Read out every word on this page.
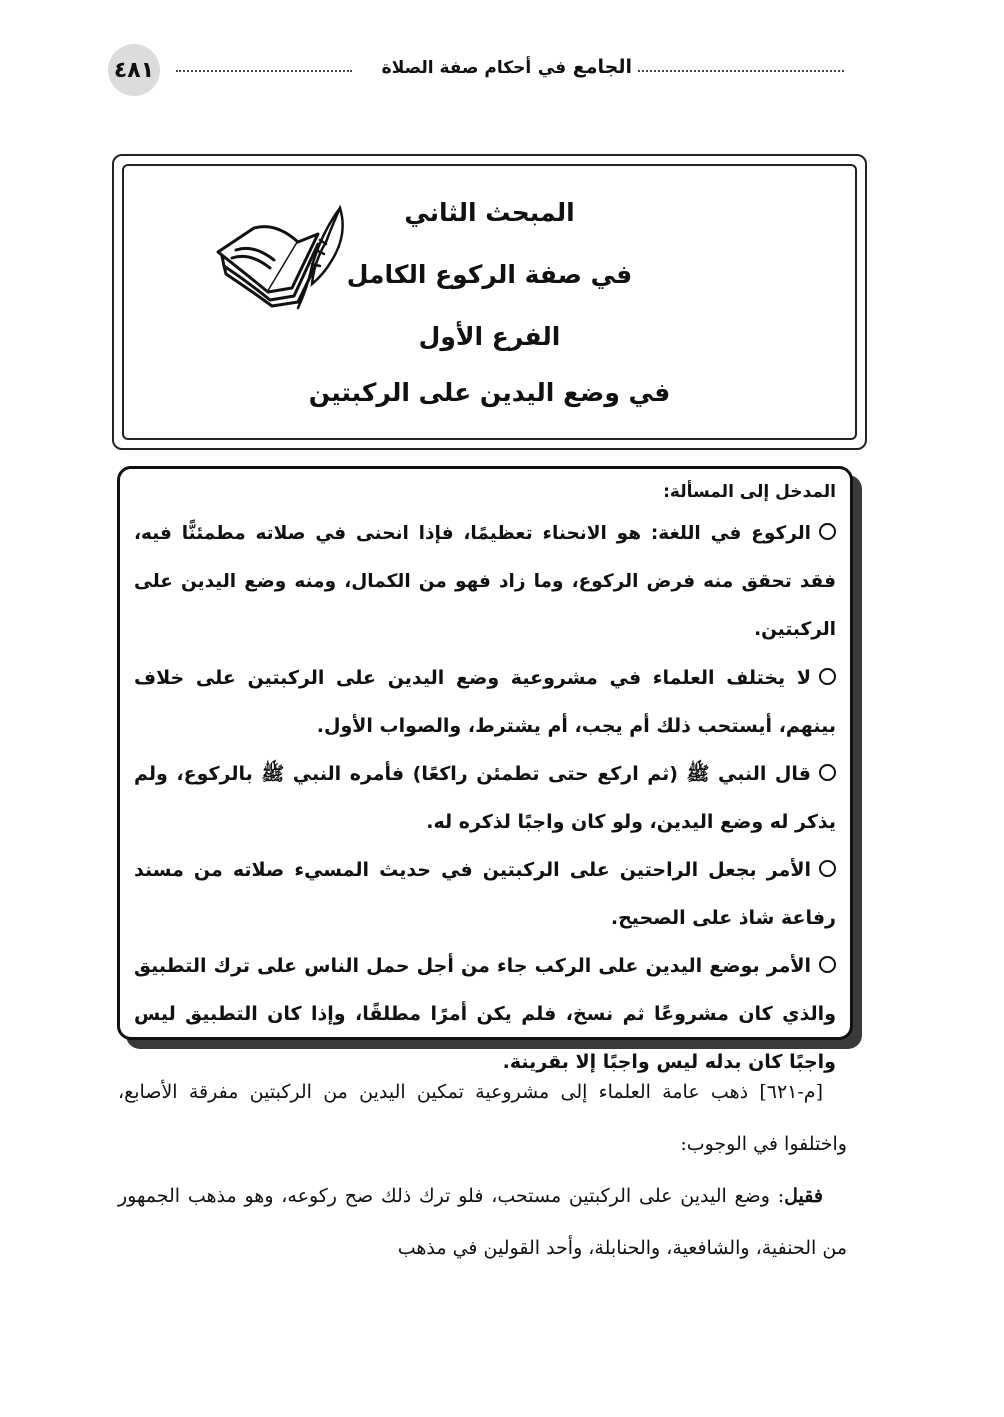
٤٨١	الجامع في أحكام صفة الصلاة
المبحث الثاني
في صفة الركوع الكامل
الفرع الأول
في وضع اليدين على الركبتين

المدخل إلى المسألة:

الركوع في اللغة: هو الانحناء تعظيمًا، فإذا انحنى في صلاته مطمئنًّا فيه، فقد تحقق منه فرض الركوع، وما زاد فهو من الكمال، ومنه وضع اليدين على الركبتين.

لا يختلف العلماء في مشروعية وضع اليدين على الركبتين على خلاف بينهم، أيستحب ذلك أم يجب، أم يشترط، والصواب الأول.

قال النبي ﷺ (ثم اركع حتى تطمئن راكعًا) فأمره النبي ﷺ بالركوع، ولم يذكر له وضع اليدين، ولو كان واجبًا لذكره له.

الأمر بجعل الراحتين على الركبتين في حديث المسيء صلاته من مسند رفاعة شاذ على الصحيح.

الأمر بوضع اليدين على الركب جاء من أجل حمل الناس على ترك التطبيق والذي كان مشروعًا ثم نسخ، فلم يكن أمرًا مطلقًا، وإذا كان التطبيق ليس واجبًا كان بدله ليس واجبًا إلا بقرينة.

[م-٦٢١] ذهب عامة العلماء إلى مشروعية تمكين اليدين من الركبتين مفرقة الأصابع، واختلفوا في الوجوب:

فقيل: وضع اليدين على الركبتين مستحب، فلو ترك ذلك صح ركوعه، وهو مذهب الجمهور من الحنفية، والشافعية، والحنابلة، وأحد القولين في مذهب
